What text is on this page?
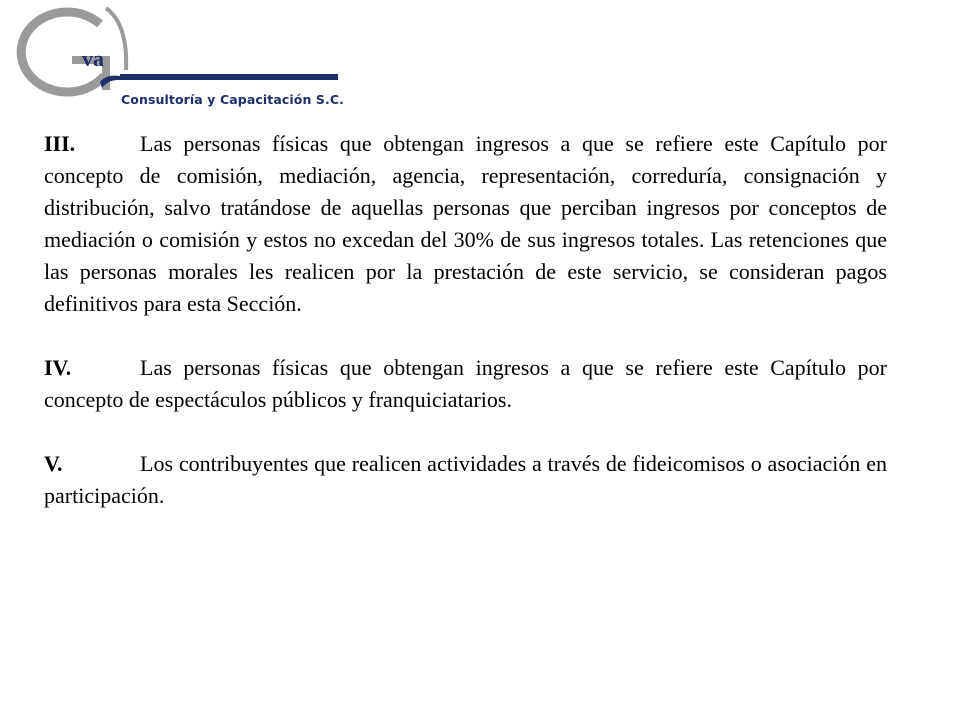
va
Consultoría y Capacitación S.C.

III.	Las personas físicas que obtengan ingresos a que se refiere este Capítulo por concepto de comisión, mediación, agencia, representación, correduría, consignación y distribución, salvo tratándose de aquellas personas que perciban ingresos por conceptos de mediación o comisión y estos no excedan del 30% de sus ingresos totales. Las retenciones que las personas morales les realicen por la prestación de este servicio, se consideran pagos definitivos para esta Sección.

IV.	Las personas físicas que obtengan ingresos a que se refiere este Capítulo por concepto de espectáculos públicos y franquiciatarios.

V.	Los contribuyentes que realicen actividades a través de fideicomisos o asociación en participación.
